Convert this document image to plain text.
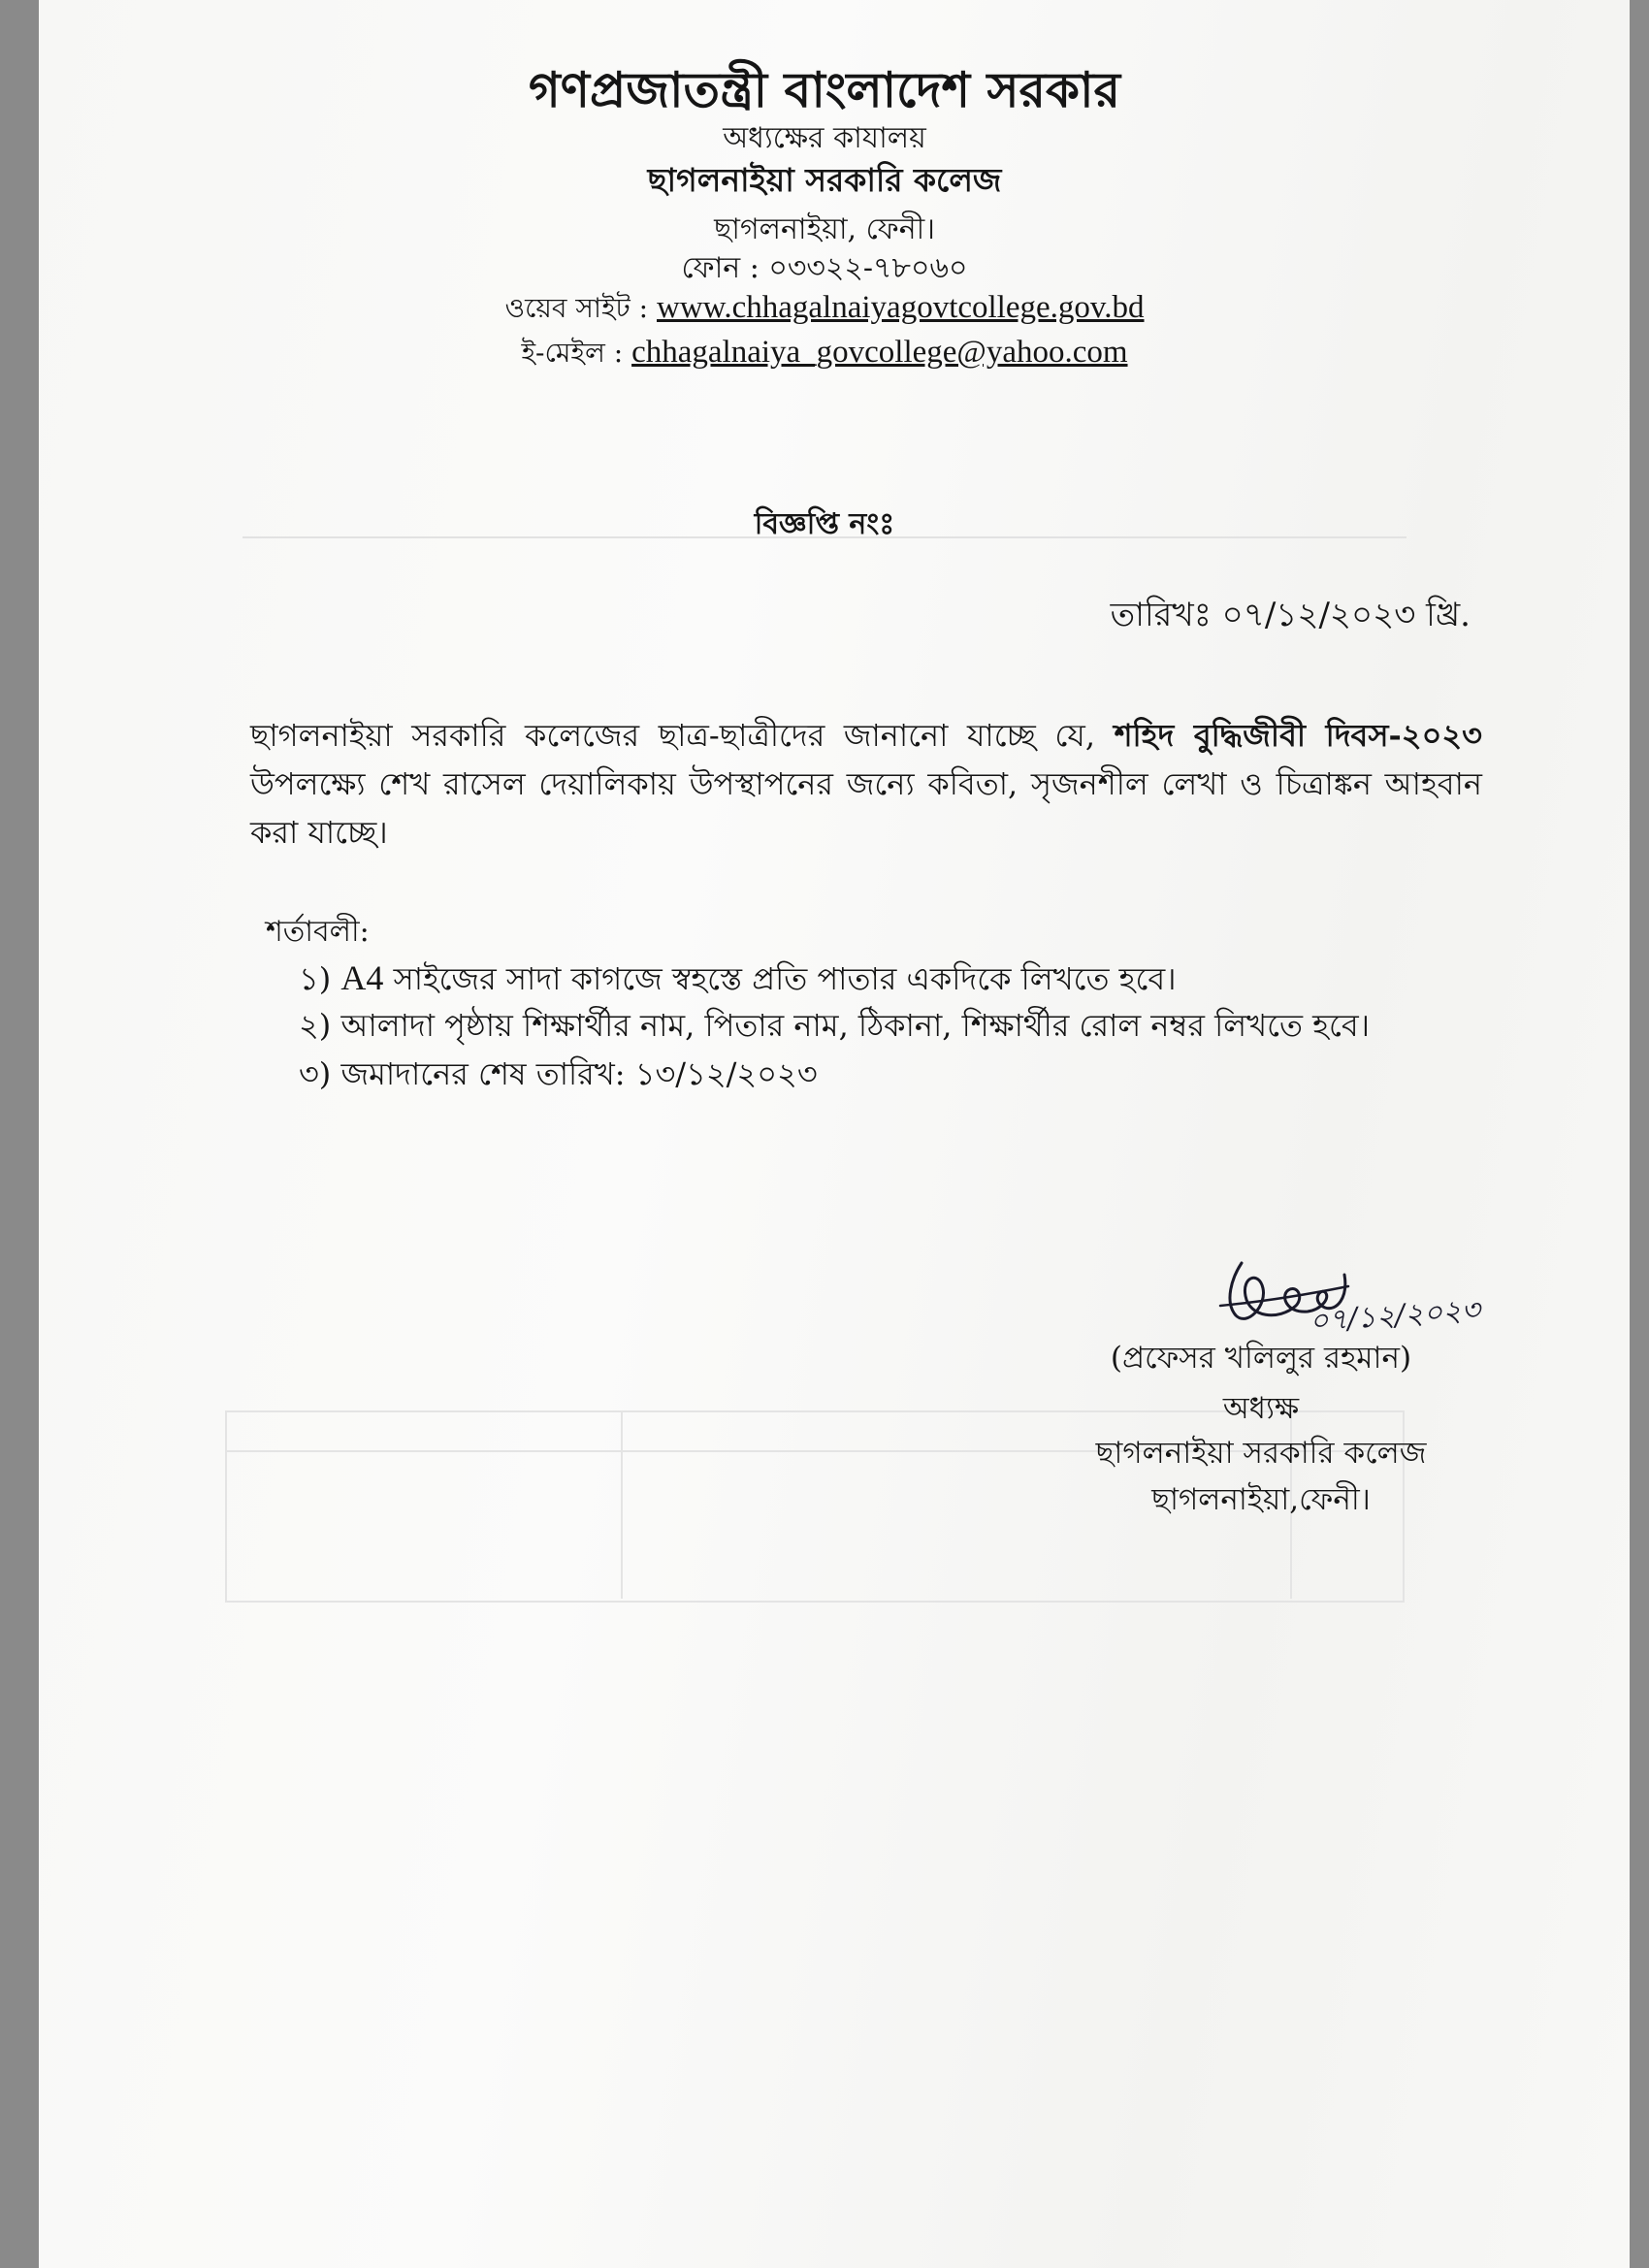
গণপ্রজাতন্ত্রী বাংলাদেশ সরকার
অধ্যক্ষের কাযালয়
ছাগলনাইয়া সরকারি কলেজ
ছাগলনাইয়া, ফেনী।
ফোন : ০৩৩২২-৭৮০৬০
ওয়েব সাইট : www.chhagalnaiyagovtcollege.gov.bd
ই-মেইল : chhagalnaiya_govcollege@yahoo.com
বিজ্ঞপ্তি নংঃ
তারিখঃ ০৭/১২/২০২৩ খ্রি.
ছাগলনাইয়া সরকারি কলেজের ছাত্র-ছাত্রীদের জানানো যাচ্ছে যে, শহিদ বুদ্ধিজীবী দিবস-২০২৩ উপলক্ষ্যে শেখ রাসেল দেয়ালিকায় উপস্থাপনের জন্যে কবিতা, সৃজনশীল লেখা ও চিত্রাঙ্কন আহবান করা যাচ্ছে।
শর্তাবলী:
১) A4 সাইজের সাদা কাগজে স্বহস্তে প্রতি পাতার একদিকে লিখতে হবে।
২) আলাদা পৃষ্ঠায় শিক্ষার্থীর নাম, পিতার নাম, ঠিকানা, শিক্ষার্থীর রোল নম্বর লিখতে হবে।
৩) জমাদানের শেষ তারিখ: ১৩/১২/২০২৩
০৭/১২/২০২৩
(প্রফেসর খলিলুর রহমান)
অধ্যক্ষ
ছাগলনাইয়া সরকারি কলেজ
ছাগলনাইয়া,ফেনী।
